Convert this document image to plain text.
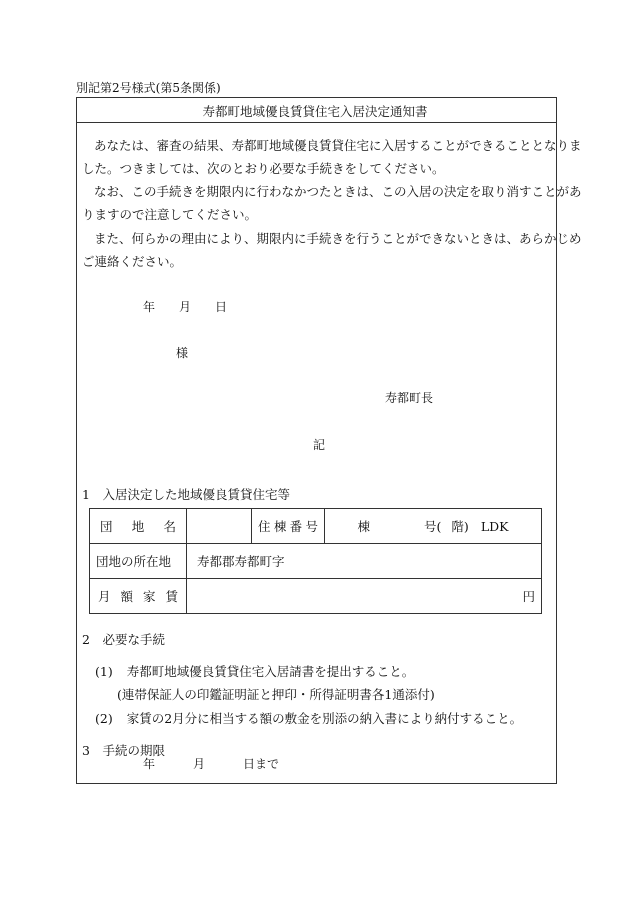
別記第2号様式(第5条関係)
寿都町地域優良賃貸住宅入居決定通知書
あなたは、審査の結果、寿都町地域優良賃貸住宅に入居することができることとなりま
した。つきましては、次のとおり必要な手続きをしてください。
なお、この手続きを期限内に行わなかつたときは、この入居の決定を取り消すことがあ
りますので注意してください。
また、何らかの理由により、期限内に手続きを行うことができないときは、あらかじめ
ご連絡ください。
年 月 日
様
寿都町長
記
1　入居決定した地域優良賃貸住宅等
団 地 名		住 棟 番 号	棟 号( 階) LDK
団地の所在地	寿都郡寿都町字		

月 額 家 賃	円		
2　必要な手続
(1) 寿都町地域優良賃貸住宅入居請書を提出すること。
(連帯保証人の印鑑証明証と押印・所得証明書各1通添付)
(2) 家賃の2月分に相当する額の敷金を別添の納入書により納付すること。
3　手続の期限
年	月	日まで
